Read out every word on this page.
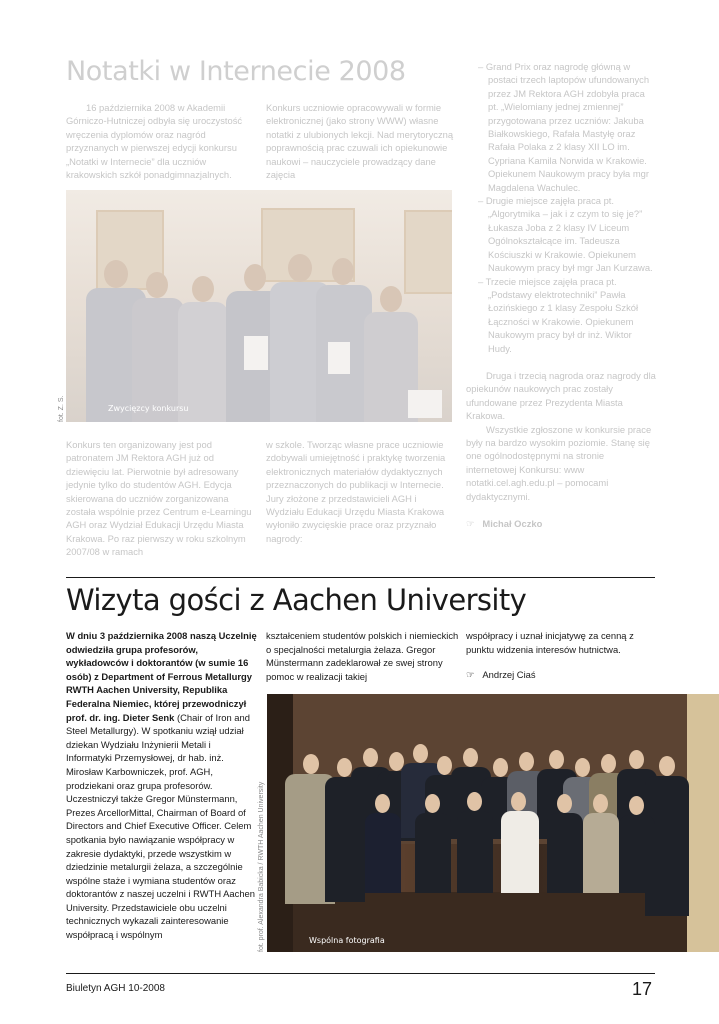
Notatki w Internecie 2008

16 października 2008 w Akademii Górniczo-Hutniczej odbyła się uroczystość wręczenia dyplomów oraz nagród przyznanych w pierwszej edycji konkursu „Notatki w Internecie” dla uczniów krakowskich szkół ponadgimnazjalnych.

Konkurs uczniowie opracowywali w formie elektronicznej (jako strony WWW) własne notatki z ulubionych lekcji. Nad merytoryczną poprawnością prac czuwali ich opiekunowie naukowi – nauczyciele prowadzący dane zajęcia

Zwycięzcy konkursu
fot. Z. S.

Konkurs ten organizowany jest pod patronatem JM Rektora AGH już od dziewięciu lat. Pierwotnie był adresowany jedynie tylko do studentów AGH. Edycja skierowana do uczniów zorganizowana została wspólnie przez Centrum e-Learningu AGH oraz Wydział Edukacji Urzędu Miasta Krakowa. Po raz pierwszy w roku szkolnym 2007/08 w ramach

w szkole. Tworząc własne prace uczniowie zdobywali umiejętność i praktykę tworzenia elektronicznych materiałów dydaktycznych przeznaczonych do publikacji w Internecie. Jury złożone z przedstawicieli AGH i Wydziału Edukacji Urzędu Miasta Krakowa wyłoniło zwycięskie prace oraz przyznało nagrody:

– Grand Prix oraz nagrodę główną w postaci trzech laptopów ufundowanych przez JM Rektora AGH zdobyła praca pt. „Wielomiany jednej zmiennej” przygotowana przez uczniów: Jakuba Białkowskiego, Rafała Mastyłę oraz Rafała Polaka z 2 klasy XII LO im. Cypriana Kamila Norwida w Krakowie. Opiekunem Naukowym pracy była mgr Magdalena Wachulec.

– Drugie miejsce zajęła praca pt. „Algorytmika – jak i z czym to się je?” Łukasza Joba z 2 klasy IV Liceum Ogólnokształcące im. Tadeusza Kościuszki w Krakowie. Opiekunem Naukowym pracy był mgr Jan Kurzawa.

– Trzecie miejsce zajęła praca pt. „Podstawy elektrotechniki” Pawła Łozińskiego z 1 klasy Zespołu Szkół Łączności w Krakowie. Opiekunem Naukowym pracy był dr inż. Wiktor Hudy.

Druga i trzecią nagroda oraz nagrody dla opiekunów naukowych prac zostały ufundowane przez Prezydenta Miasta Krakowa.

Wszystkie zgłoszone w konkursie prace były na bardzo wysokim poziomie. Stanę się one ogólnodostępnymi na stronie internetowej Konkursu: www notatki.cel.agh.edu.pl – pomocami dydaktycznymi.

☞ Michał Oczko
Wizyta gości z Aachen University

W dniu 3 października 2008 naszą Uczelnię odwiedziła grupa profesorów, wykładowców i doktorantów (w sumie 16 osób) z Department of Ferrous Metallurgy RWTH Aachen University, Republika Federalna Niemiec, której przewodniczył prof. dr. ing. Dieter Senk (Chair of Iron and Steel Metallurgy). W spotkaniu wziął udział dziekan Wydziału Inżynierii Metali i Informatyki Przemysłowej, dr hab. inż. Mirosław Karbowniczek, prof. AGH, prodziekani oraz grupa profesorów. Uczestniczył także Gregor Münstermann, Prezes ArcellorMittal, Chairman of Board of Directors and Chief Executive Officer. Celem spotkania było nawiązanie współpracy w zakresie dydaktyki, przede wszystkim w dziedzinie metalurgii żelaza, a szczególnie wspólne staże i wymiana studentów oraz doktorantów z naszej uczelni i RWTH Aachen University. Przedstawiciele obu uczelni technicznych wykazali zainteresowanie współpracą i wspólnym

kształceniem studentów polskich i niemieckich o specjalności metalurgia żelaza. Gregor Münstermann zadeklarował ze swej strony pomoc w realizacji takiej

współpracy i uznał inicjatywę za cenną z punktu widzenia interesów hutnictwa.

☞ Andrzej Ciaś
Wspólna fotografia
fot. prof. Alexandra Babicka / RWTH Aachen University
Biuletyn AGH 10-2008	17
